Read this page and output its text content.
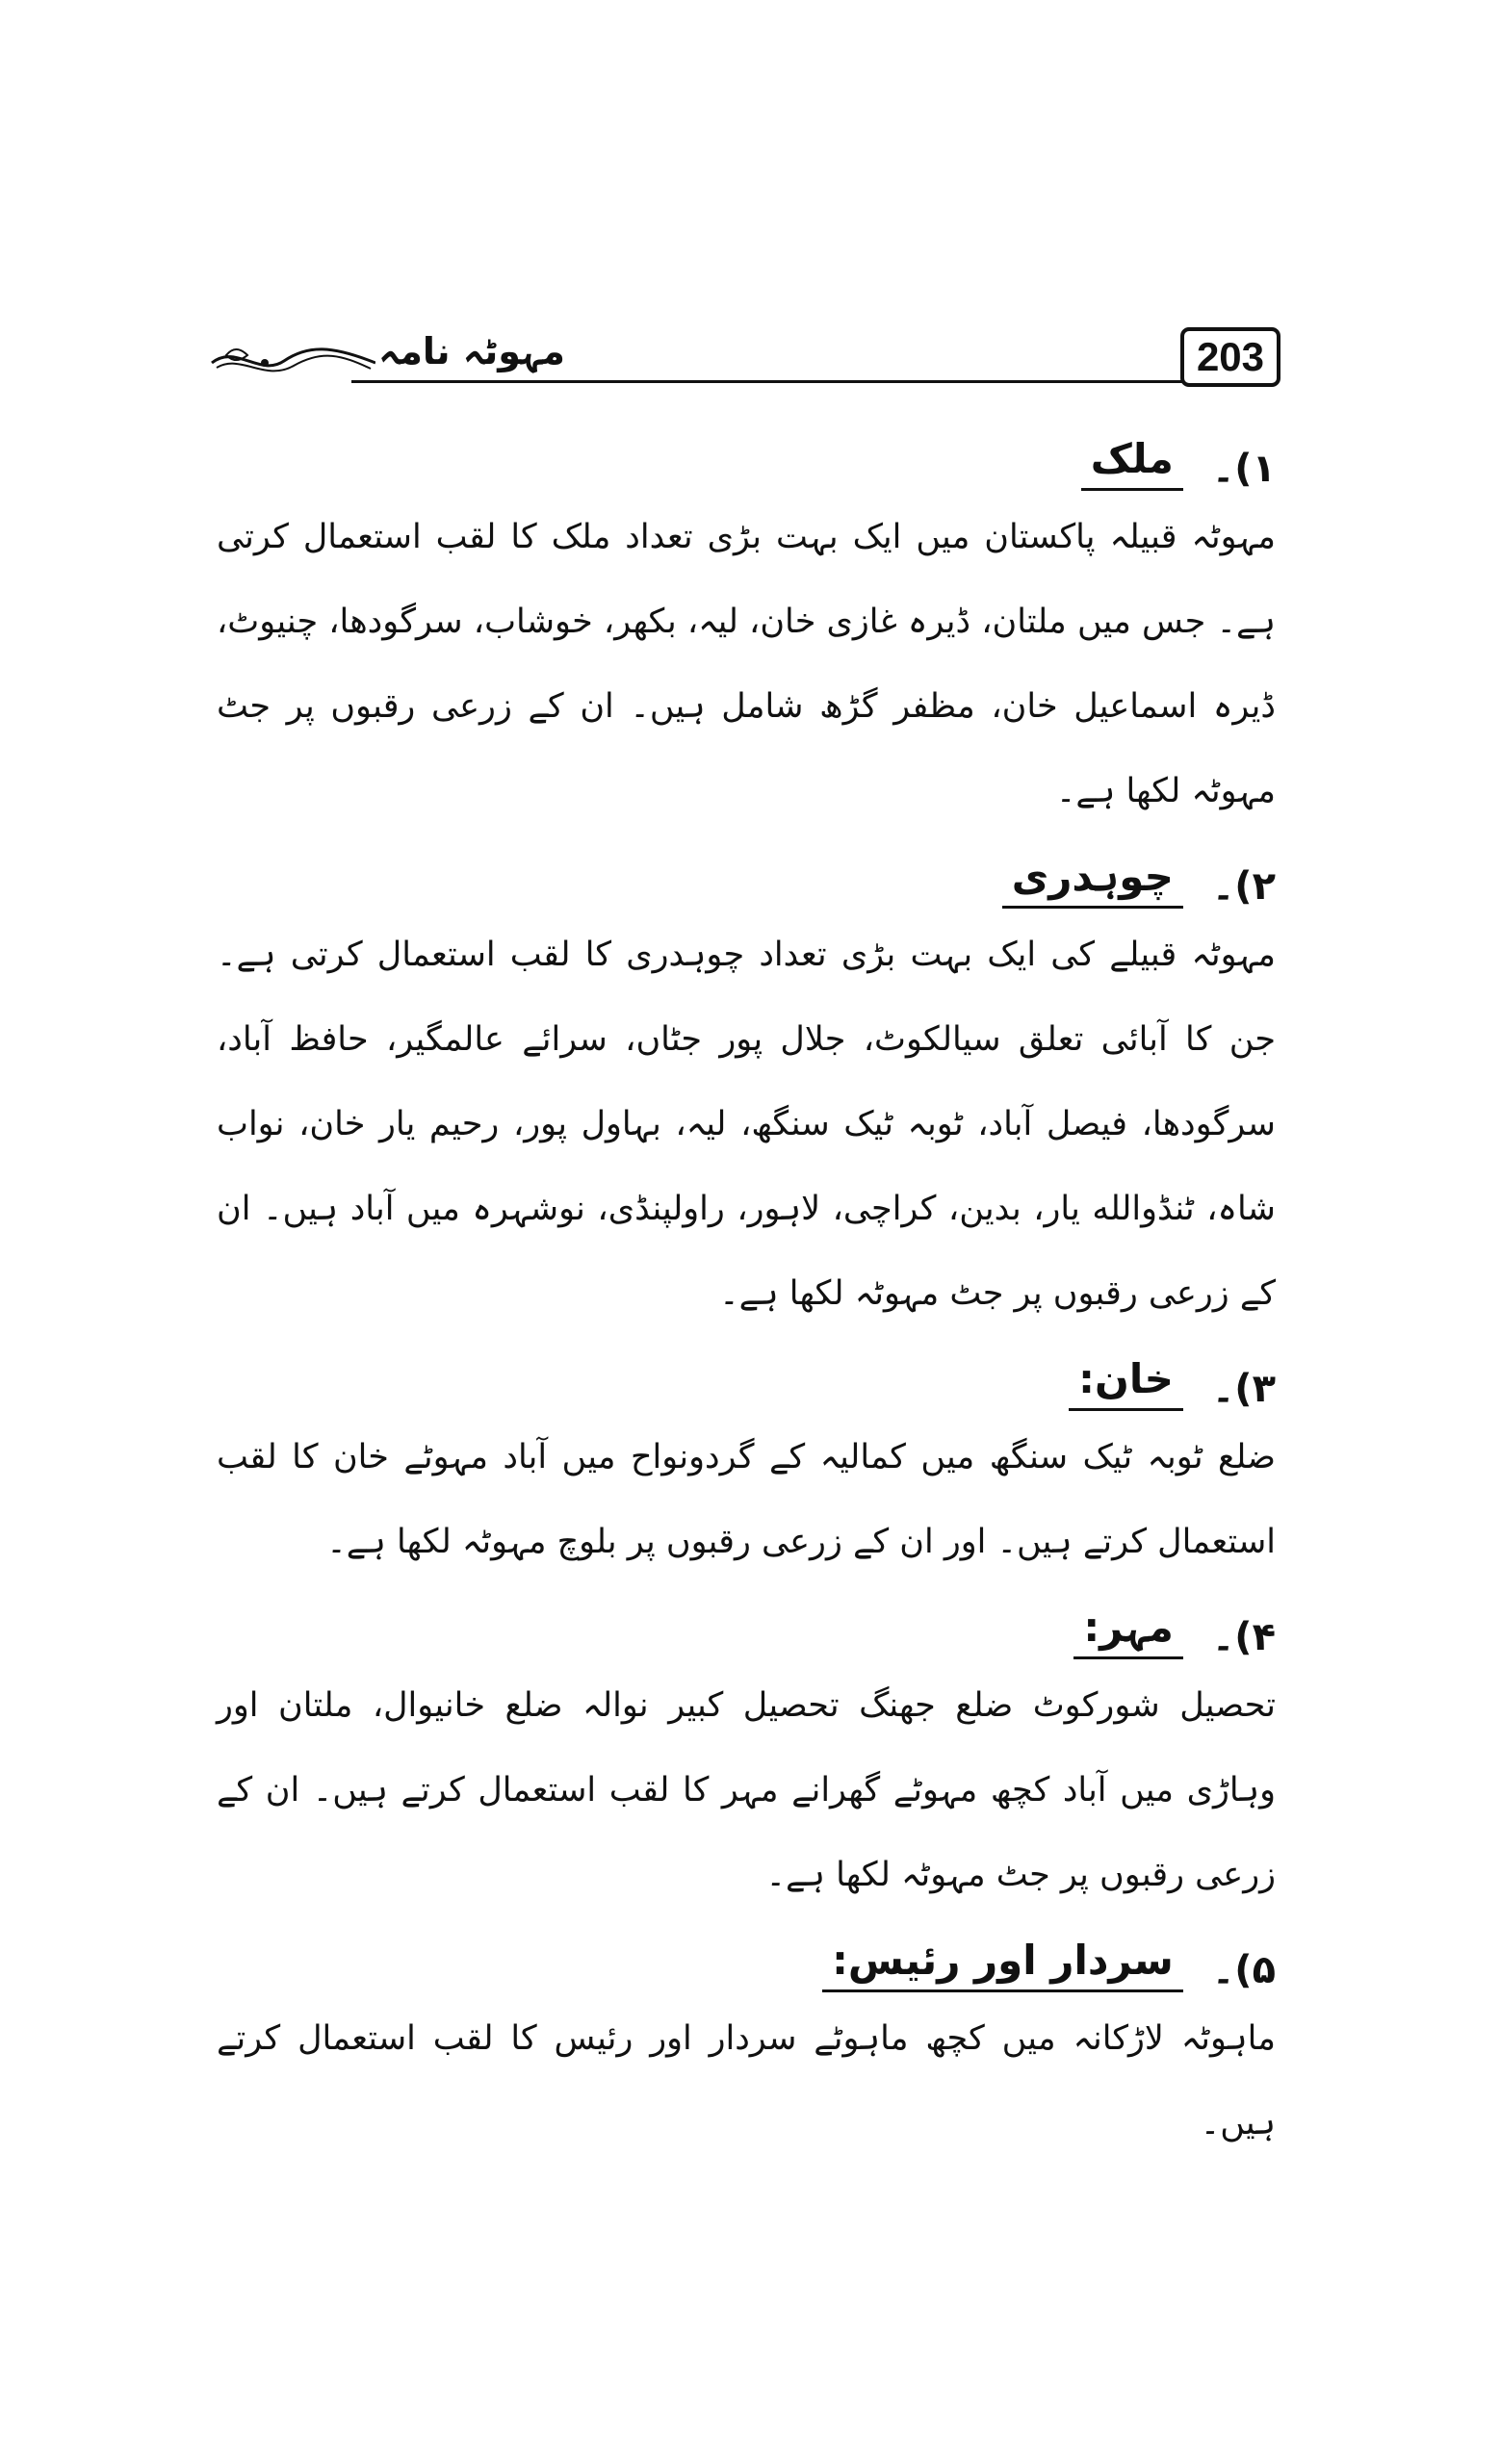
مہوٹہ نامہ	203
۱)۔
ملک

مہوٹہ قبیلہ پاکستان میں ایک بہت بڑی تعداد ملک کا لقب استعمال کرتی ہے۔ جس میں ملتان، ڈیرہ غازی خان، لیہ، بکھر، خوشاب، سرگودھا، چنیوٹ، ڈیرہ اسماعیل خان، مظفر گڑھ شامل ہیں۔ ان کے زرعی رقبوں پر جٹ مہوٹہ لکھا ہے۔

۲)۔
چوہدری

مہوٹہ قبیلے کی ایک بہت بڑی تعداد چوہدری کا لقب استعمال کرتی ہے۔ جن کا آبائی تعلق سیالکوٹ، جلال پور جٹاں، سرائے عالمگیر، حافظ آباد، سرگودھا، فیصل آباد، ٹوبہ ٹیک سنگھ، لیہ، بہاول پور، رحیم یار خان، نواب شاہ، ٹنڈوالله یار، بدین، کراچی، لاہور، راولپنڈی، نوشہرہ میں آباد ہیں۔ ان کے زرعی رقبوں پر جٹ مہوٹہ لکھا ہے۔

۳)۔
خان:

ضلع ٹوبہ ٹیک سنگھ میں کمالیہ کے گردونواح میں آباد مہوٹے خان کا لقب استعمال کرتے ہیں۔ اور ان کے زرعی رقبوں پر بلوچ مہوٹہ لکھا ہے۔

۴)۔
مہر:

تحصیل شورکوٹ ضلع جھنگ تحصیل کبیر نوالہ ضلع خانیوال، ملتان اور وہاڑی میں آباد کچھ مہوٹے گھرانے مہر کا لقب استعمال کرتے ہیں۔ ان کے زرعی رقبوں پر جٹ مہوٹہ لکھا ہے۔

۵)۔
سردار اور رئیس:

ماہوٹہ لاڑکانہ میں کچھ ماہوٹے سردار اور رئیس کا لقب استعمال کرتے ہیں۔
